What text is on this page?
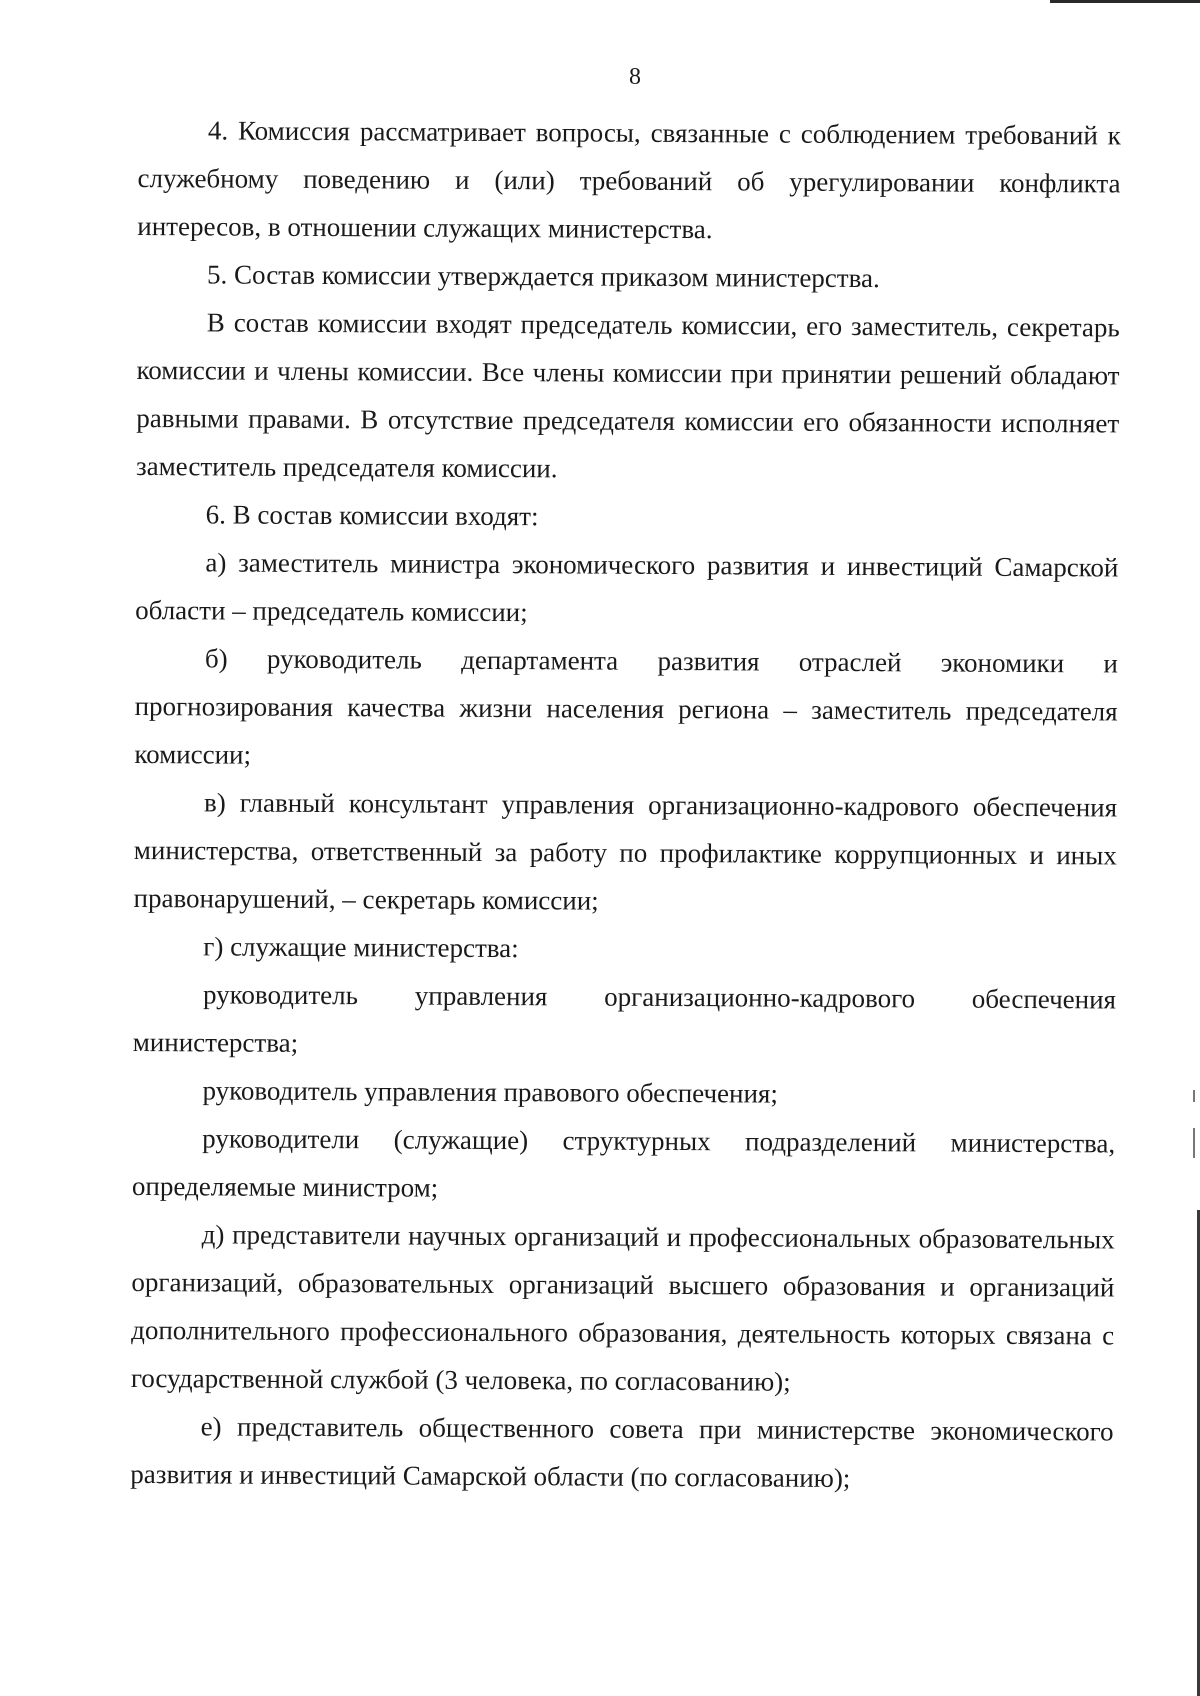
8

4. Комиссия рассматривает вопросы, связанные с соблюдением требований к служебному поведению и (или) требований об урегулировании конфликта интересов, в отношении служащих министерства.

5. Состав комиссии утверждается приказом министерства.

В состав комиссии входят председатель комиссии, его заместитель, секретарь комиссии и члены комиссии. Все члены комиссии при принятии решений обладают равными правами. В отсутствие председателя комиссии его обязанности исполняет заместитель председателя комиссии.

6. В состав комиссии входят:

а) заместитель министра экономического развития и инвестиций Самарской области – председатель комиссии;

б) руководитель департамента развития отраслей экономики и прогнозирования качества жизни населения региона – заместитель председателя комиссии;

в) главный консультант управления организационно-кадрового обеспечения министерства, ответственный за работу по профилактике коррупционных и иных правонарушений, – секретарь комиссии;

г) служащие министерства:

руководитель управления организационно-кадрового обеспечения министерства;

руководитель управления правового обеспечения;

руководители (служащие) структурных подразделений министерства, определяемые министром;

д) представители научных организаций и профессиональных образовательных организаций, образовательных организаций высшего образования и организаций дополнительного профессионального образования, деятельность которых связана с государственной службой (3 человека, по согласованию);

е) представитель общественного совета при министерстве экономического развития и инвестиций Самарской области (по согласованию);
